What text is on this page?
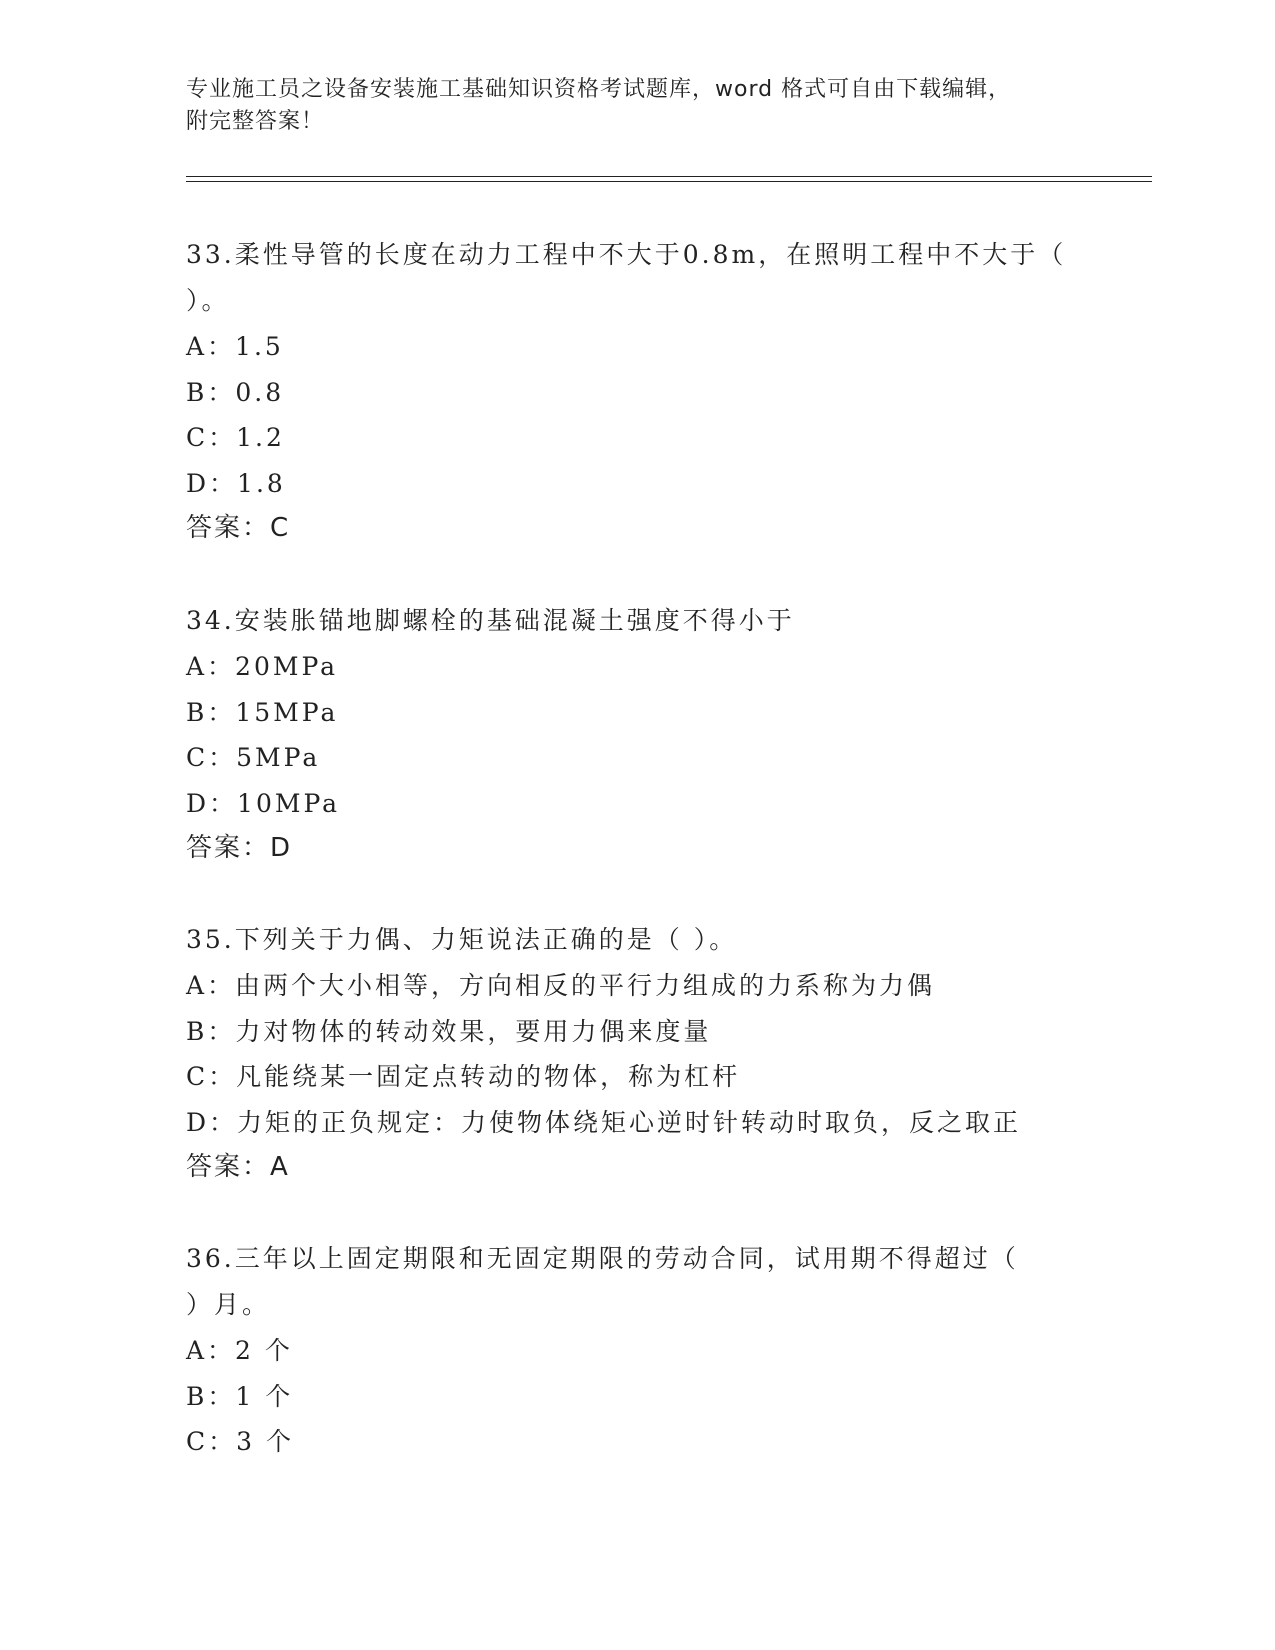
专业施工员之设备安装施工基础知识资格考试题库，word 格式可自由下载编辑，
附完整答案！

33.柔性导管的长度在动力工程中不大于0.8m，在照明工程中不大于（

）。

A：1.5

B：0.8

C：1.2

D：1.8

答案：C

34.安装胀锚地脚螺栓的基础混凝土强度不得小于

A：20MPa

B：15MPa

C：5MPa

D：10MPa

答案：D

35.下列关于力偶、力矩说法正确的是（ ）。

A：由两个大小相等，方向相反的平行力组成的力系称为力偶

B：力对物体的转动效果，要用力偶来度量

C：凡能绕某一固定点转动的物体，称为杠杆

D：力矩的正负规定：力使物体绕矩心逆时针转动时取负，反之取正

答案：A

36.三年以上固定期限和无固定期限的劳动合同，试用期不得超过（

）月。

A：2 个

B：1 个

C：3 个
